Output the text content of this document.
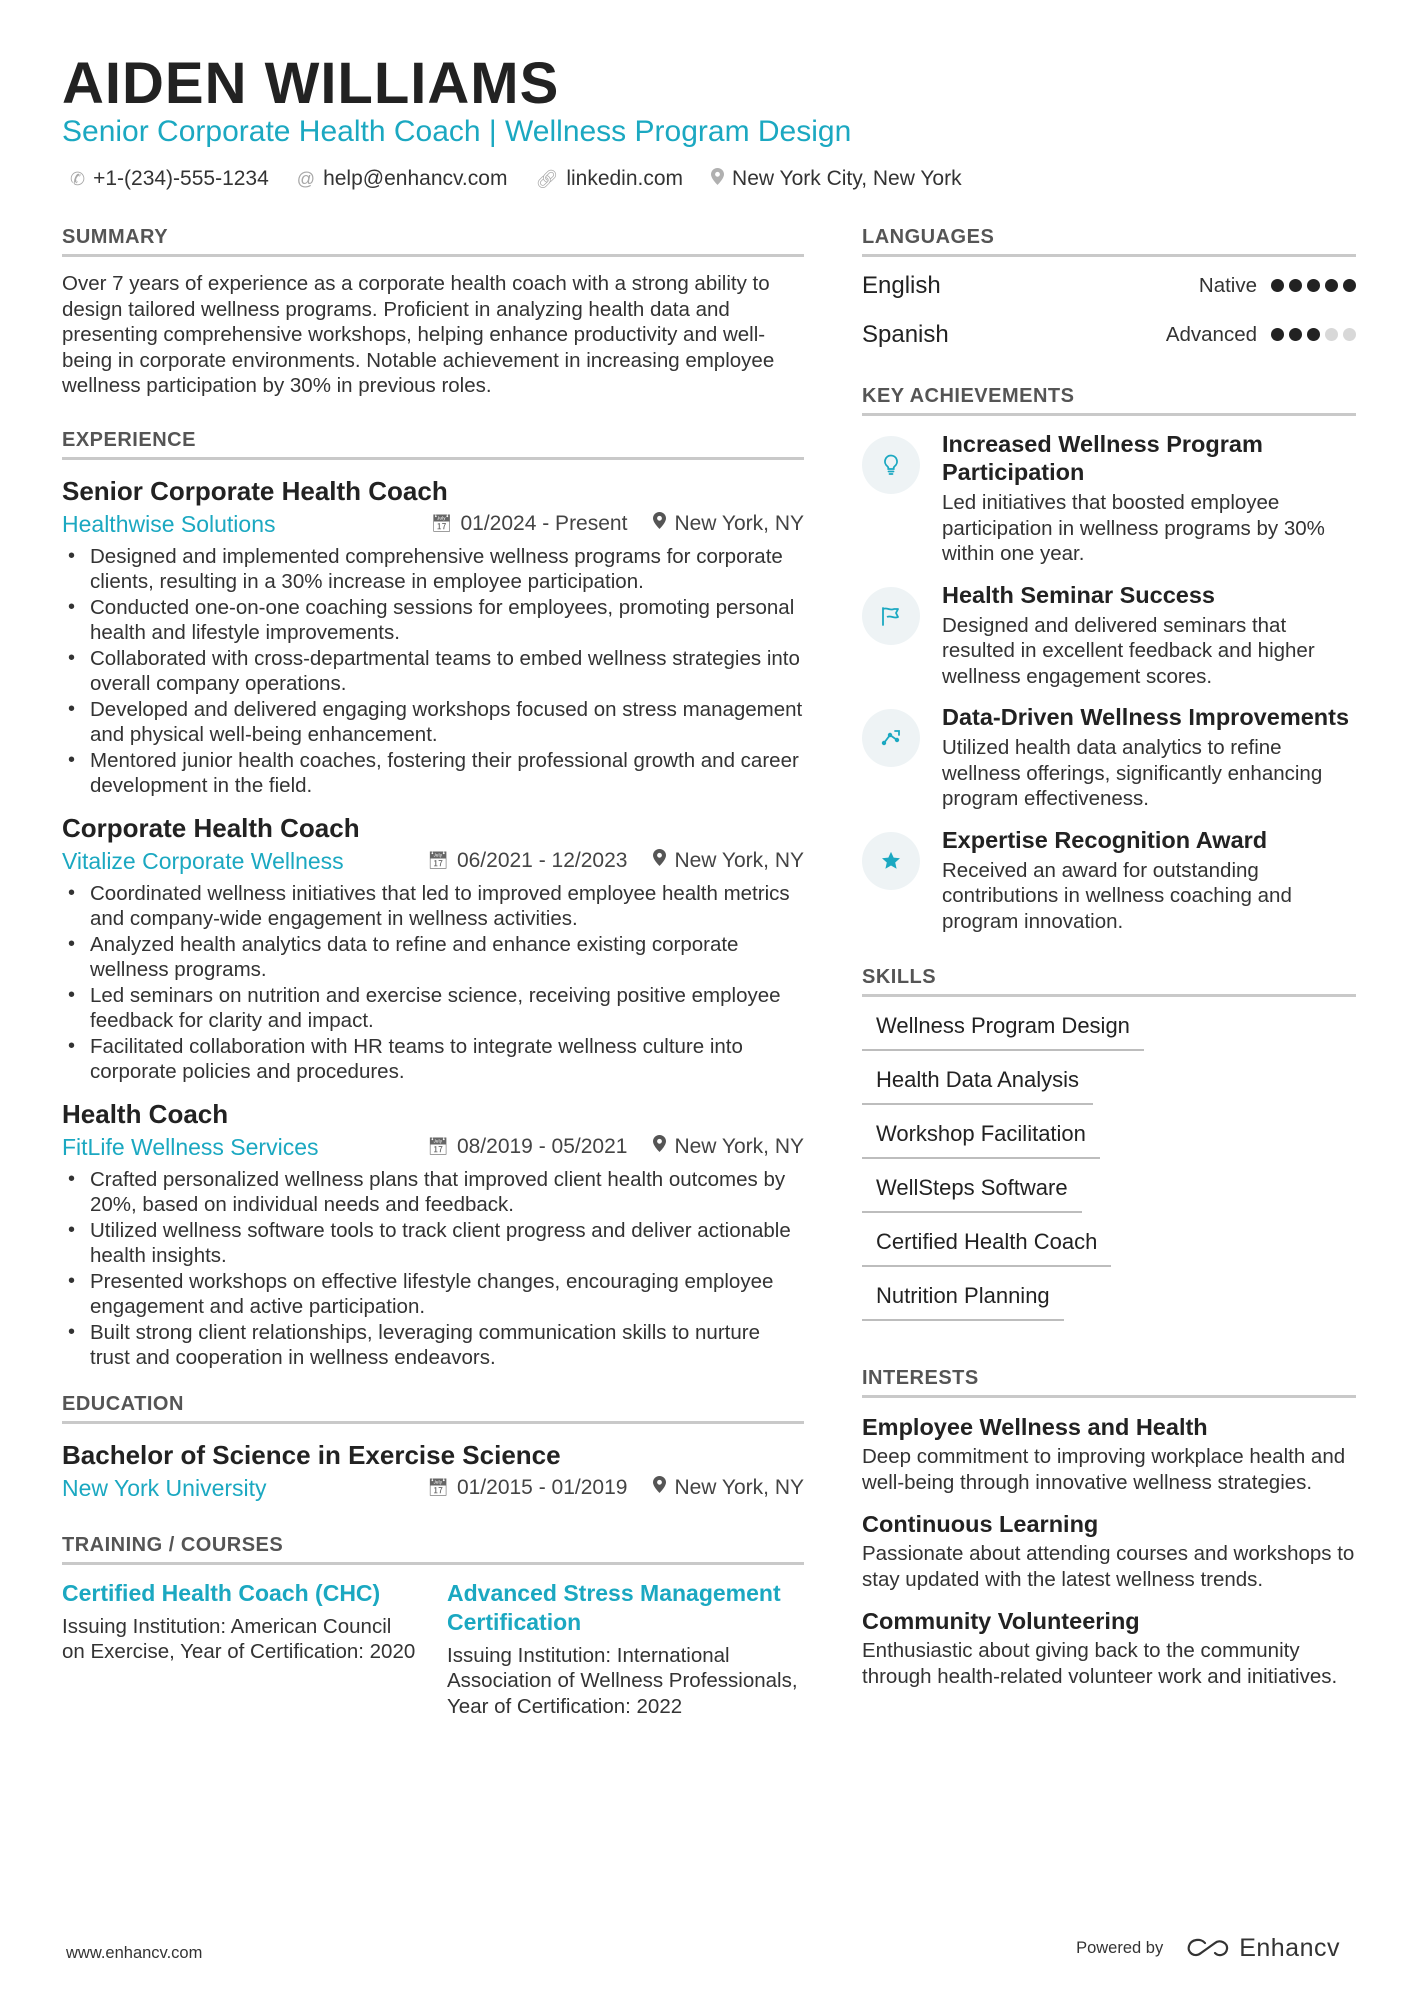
AIDEN WILLIAMS
Senior Corporate Health Coach | Wellness Program Design
✆ +1-(234)-555-1234 @ help@enhancv.com 🔗︎ linkedin.com New York City, New York
SUMMARY

Over 7 years of experience as a corporate health coach with a strong ability to design tailored wellness programs. Proficient in analyzing health data and presenting comprehensive workshops, helping enhance productivity and well-being in corporate environments. Notable achievement in increasing employee wellness participation by 30% in previous roles.

EXPERIENCE
Senior Corporate Health Coach
Healthwise Solutions	📅︎ 01/2024 - Present New York, NY
• Designed and implemented comprehensive wellness programs for corporate clients, resulting in a 30% increase in employee participation.
• Conducted one-on-one coaching sessions for employees, promoting personal health and lifestyle improvements.
• Collaborated with cross-departmental teams to embed wellness strategies into overall company operations.
• Developed and delivered engaging workshops focused on stress management and physical well-being enhancement.
• Mentored junior health coaches, fostering their professional growth and career development in the field.
Corporate Health Coach
Vitalize Corporate Wellness	📅︎ 06/2021 - 12/2023 New York, NY
• Coordinated wellness initiatives that led to improved employee health metrics and company-wide engagement in wellness activities.
• Analyzed health analytics data to refine and enhance existing corporate wellness programs.
• Led seminars on nutrition and exercise science, receiving positive employee feedback for clarity and impact.
• Facilitated collaboration with HR teams to integrate wellness culture into corporate policies and procedures.
Health Coach
FitLife Wellness Services	📅︎ 08/2019 - 05/2021 New York, NY
• Crafted personalized wellness plans that improved client health outcomes by 20%, based on individual needs and feedback.
• Utilized wellness software tools to track client progress and deliver actionable health insights.
• Presented workshops on effective lifestyle changes, encouraging employee engagement and active participation.
• Built strong client relationships, leveraging communication skills to nurture trust and cooperation in wellness endeavors.
EDUCATION
Bachelor of Science in Exercise Science
New York University	📅︎ 01/2015 - 01/2019 New York, NY
TRAINING / COURSES
Certified Health Coach (CHC)

Issuing Institution: American Council on Exercise, Year of Certification: 2020

Advanced Stress Management Certification

Issuing Institution: International Association of Wellness Professionals, Year of Certification: 2022

LANGUAGES
English	Native
Spanish	Advanced
KEY ACHIEVEMENTS
Increased Wellness Program Participation

Led initiatives that boosted employee participation in wellness programs by 30% within one year.

Health Seminar Success

Designed and delivered seminars that resulted in excellent feedback and higher wellness engagement scores.

Data-Driven Wellness Improvements

Utilized health data analytics to refine wellness offerings, significantly enhancing program effectiveness.

Expertise Recognition Award

Received an award for outstanding contributions in wellness coaching and program innovation.

SKILLS
Wellness Program Design
Health Data Analysis
Workshop Facilitation
WellSteps Software
Certified Health Coach
Nutrition Planning
INTERESTS
Employee Wellness and Health

Deep commitment to improving workplace health and well-being through innovative wellness strategies.

Continuous Learning

Passionate about attending courses and workshops to stay updated with the latest wellness trends.

Community Volunteering

Enthusiastic about giving back to the community through health-related volunteer work and initiatives.

www.enhancv.com	Powered by	Enhancv
